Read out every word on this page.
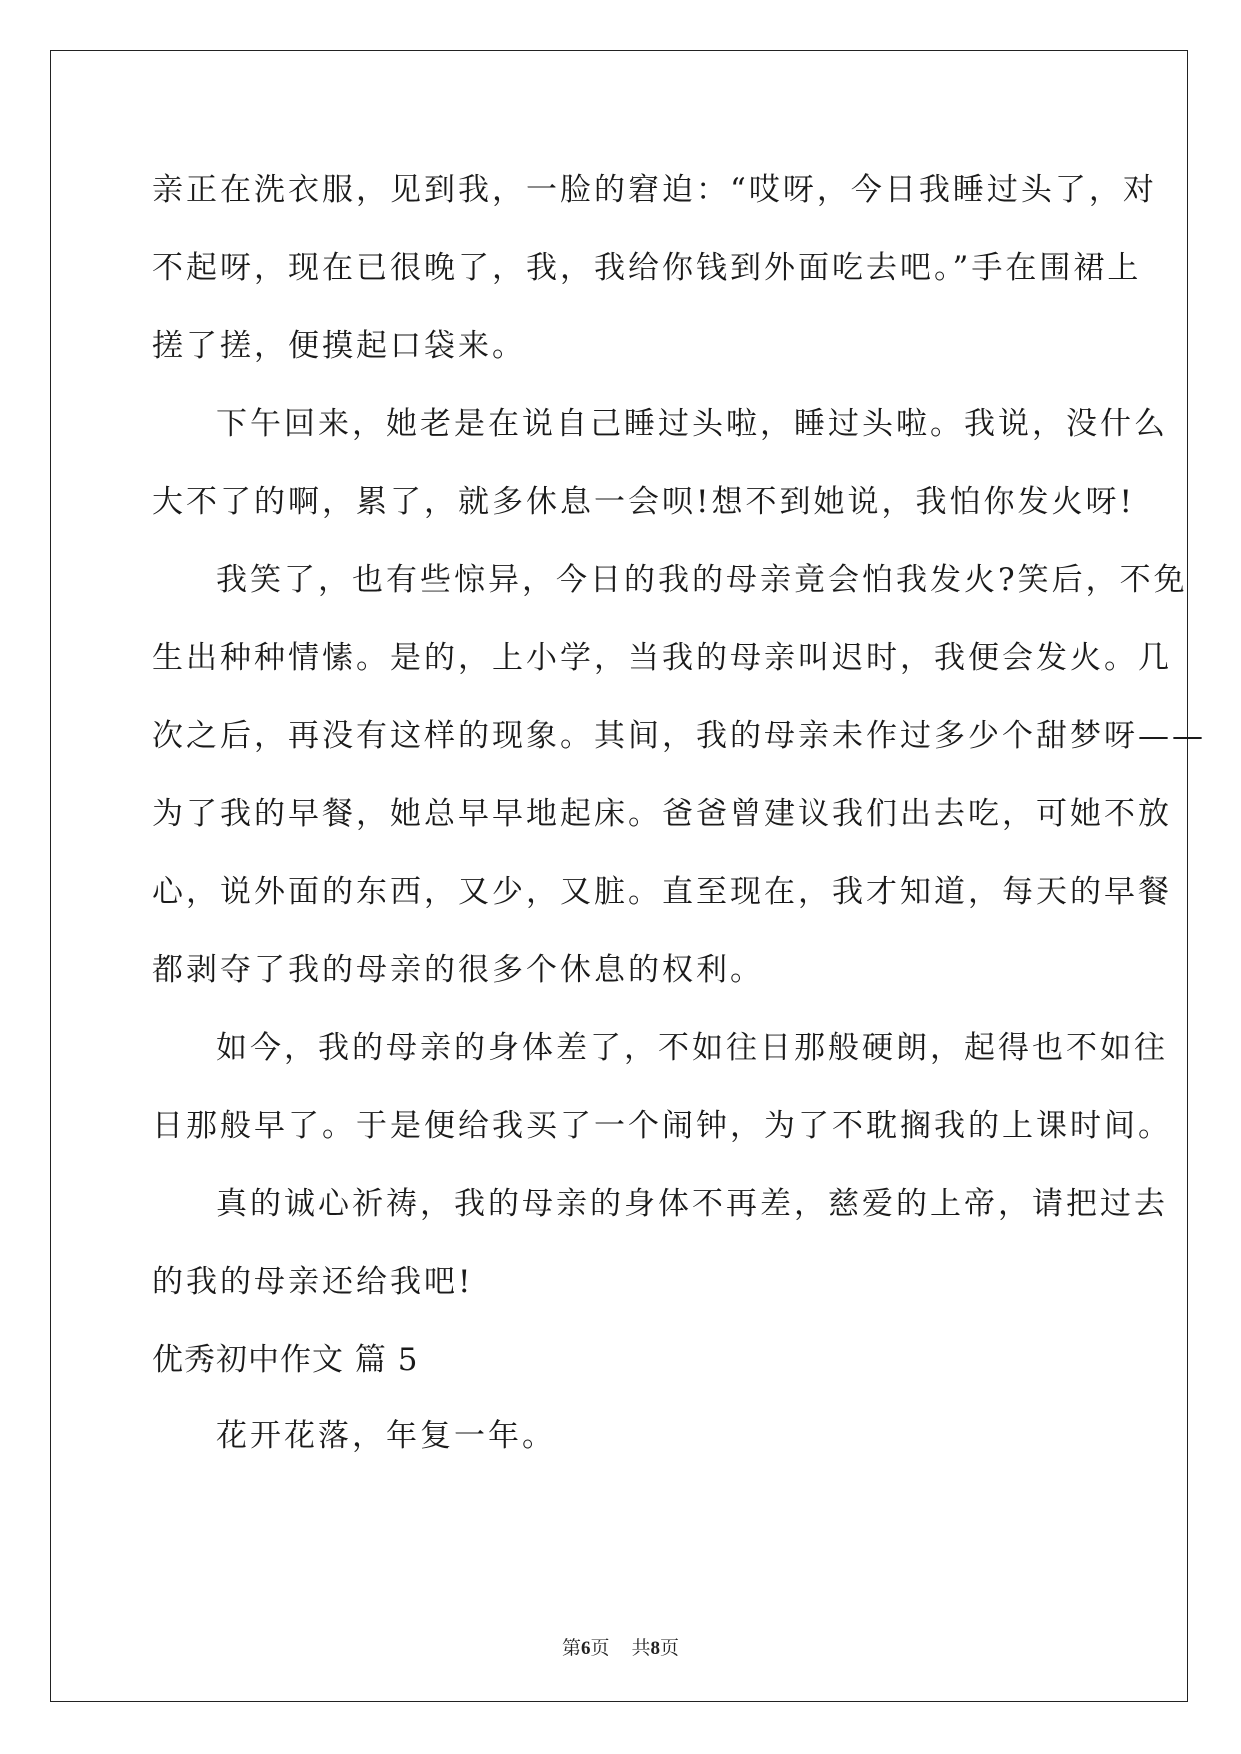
亲正在洗衣服，见到我，一脸的窘迫：“哎呀，今日我睡过头了，对
不起呀，现在已很晚了，我，我给你钱到外面吃去吧。”手在围裙上
搓了搓，便摸起口袋来。
下午回来，她老是在说自己睡过头啦，睡过头啦。我说，没什么
大不了的啊，累了，就多休息一会呗!想不到她说，我怕你发火呀!
我笑了，也有些惊异，今日的我的母亲竟会怕我发火?笑后，不免
生出种种情愫。是的，上小学，当我的母亲叫迟时，我便会发火。几
次之后，再没有这样的现象。其间，我的母亲未作过多少个甜梦呀——
为了我的早餐，她总早早地起床。爸爸曾建议我们出去吃，可她不放
心，说外面的东西，又少，又脏。直至现在，我才知道，每天的早餐
都剥夺了我的母亲的很多个休息的权利。
如今，我的母亲的身体差了，不如往日那般硬朗，起得也不如往
日那般早了。于是便给我买了一个闹钟，为了不耽搁我的上课时间。
真的诚心祈祷，我的母亲的身体不再差，慈爱的上帝，请把过去
的我的母亲还给我吧!
优秀初中作文 篇 5
花开花落，年复一年。
第6页 共8页
